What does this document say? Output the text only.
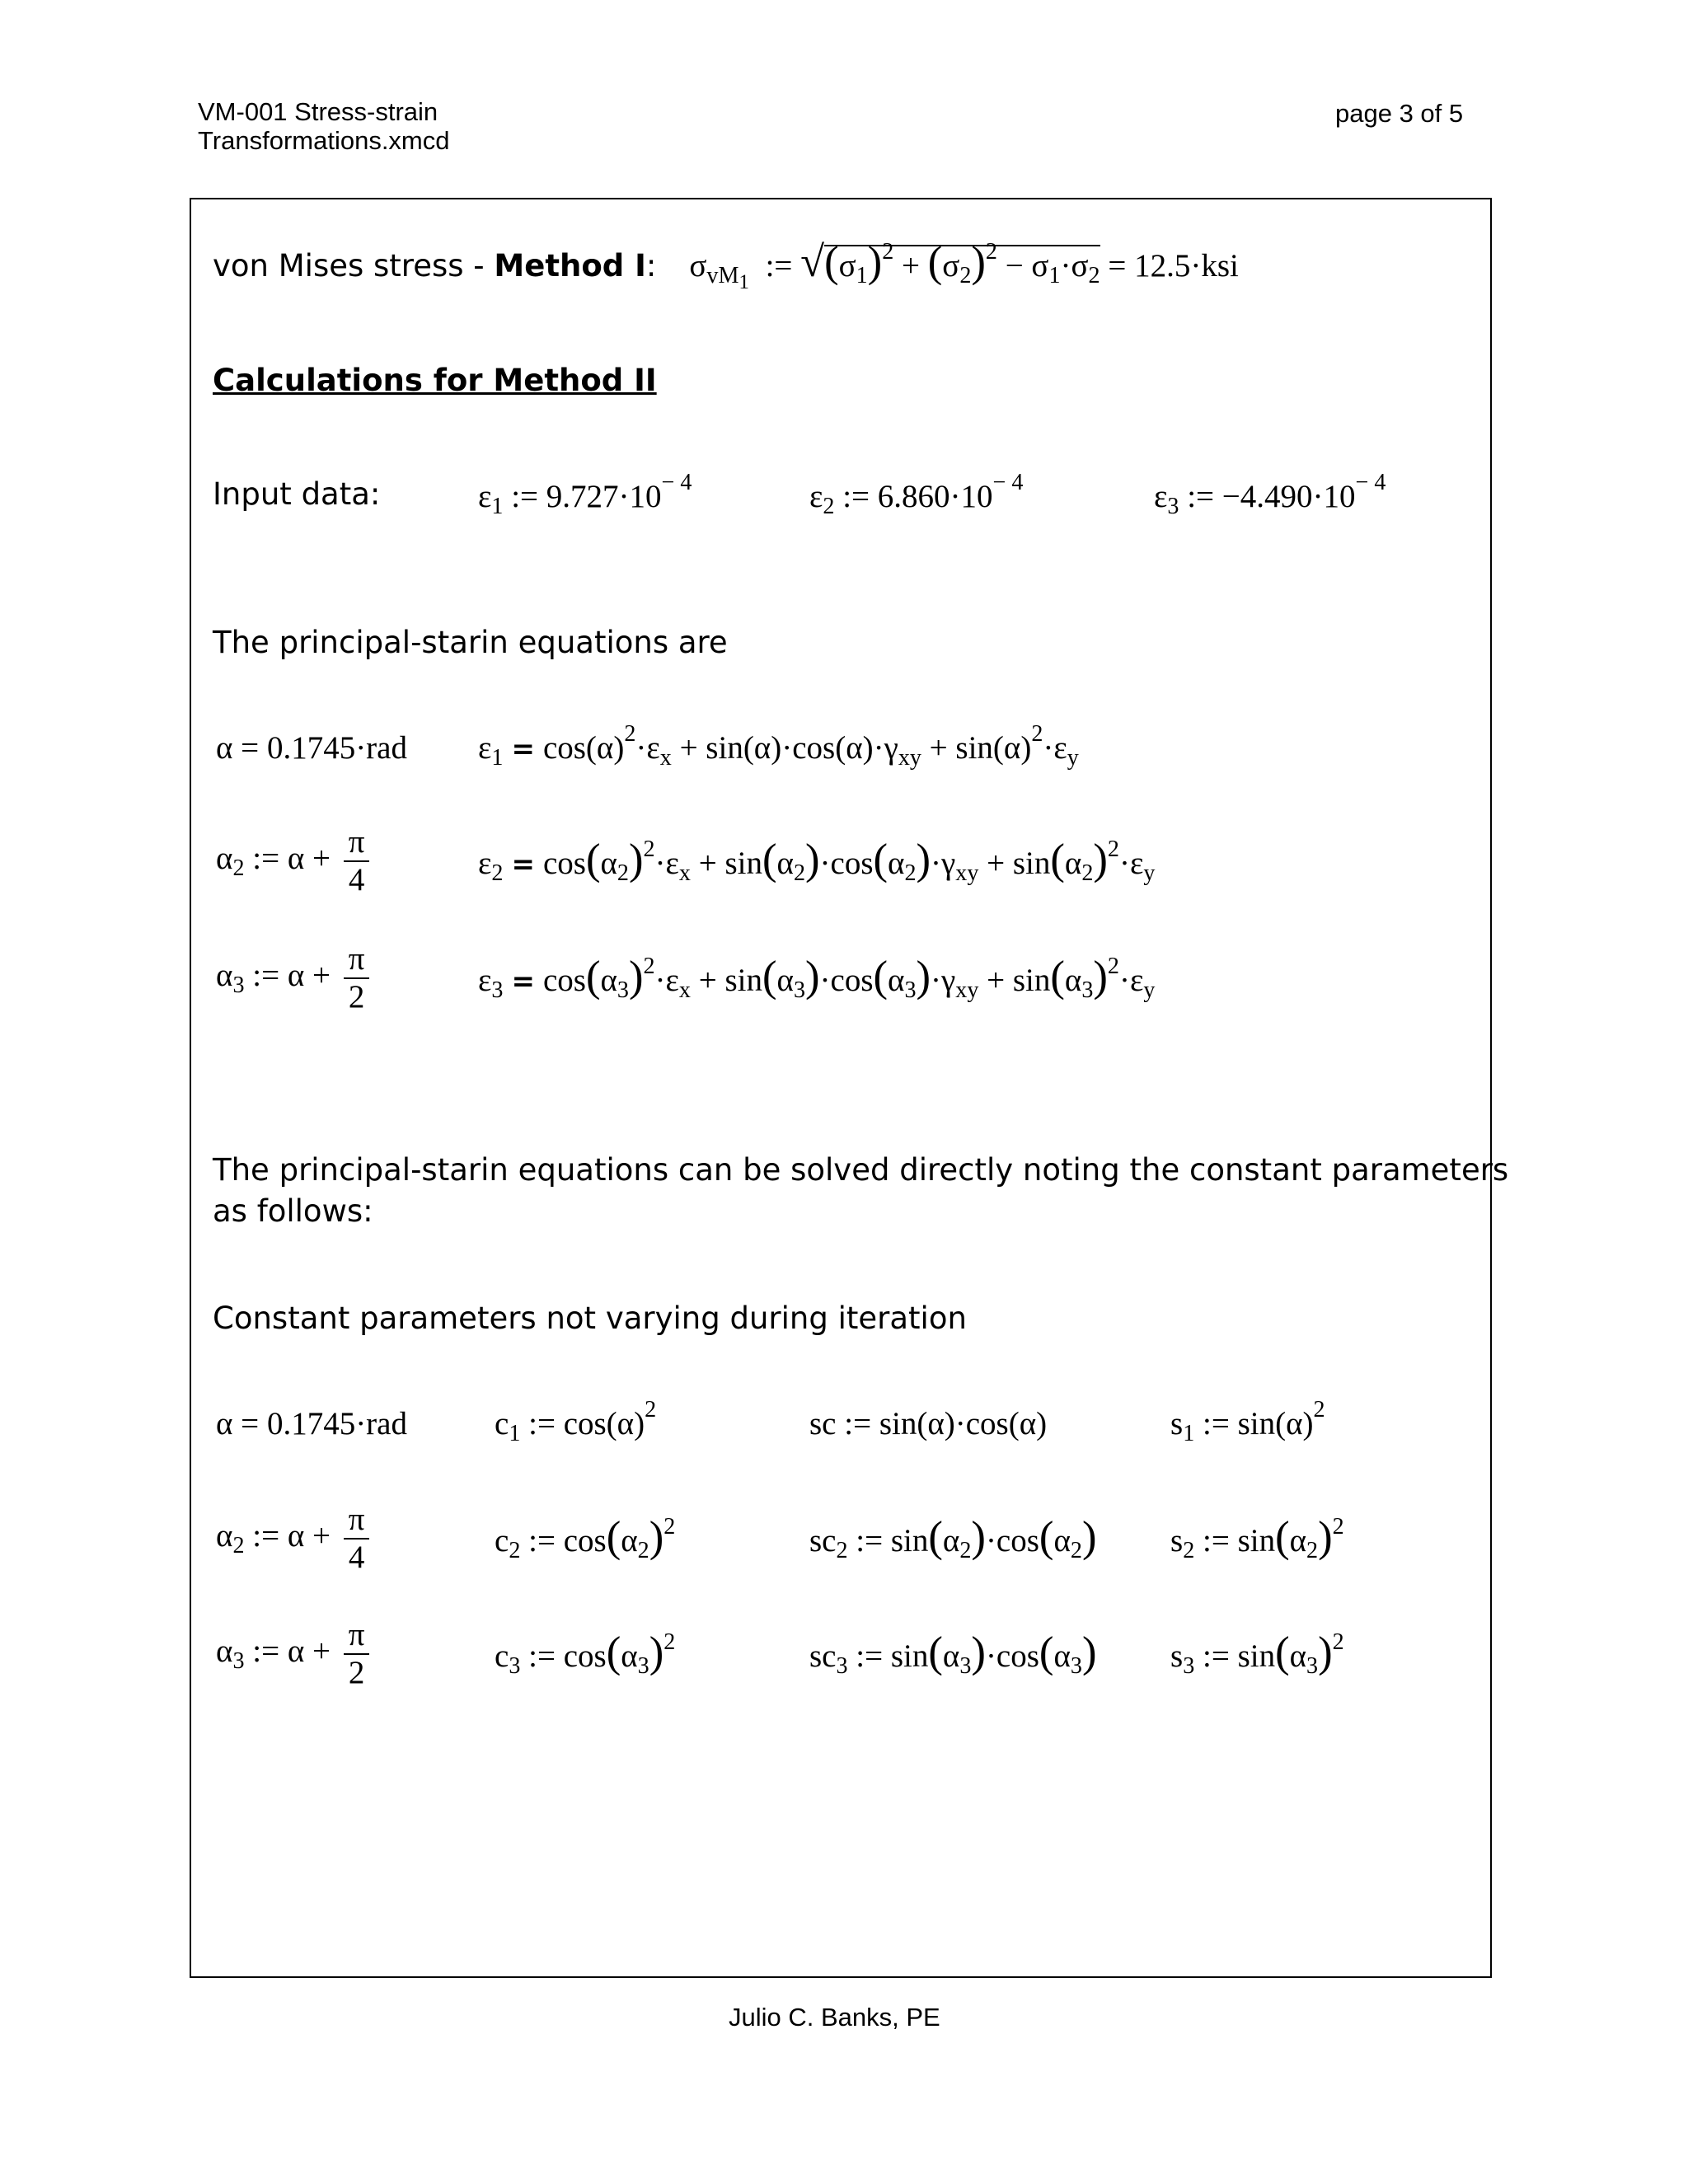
VM-001 Stress-strain
Transformations.xmcd
page 3 of 5
von Mises stress - Method I: $\sigma_{vM_1}$  := $√(\sigma_1)^2 + (\sigma_2)^2 - \sigma_1\cdot\sigma_2 = 12.5\cdot ksi$
Calculations for Method II
Input data:	$\varepsilon_1$ := $9.727\cdot 10^{- 4}$	$\varepsilon_2$ := $6.860\cdot 10^{- 4}$	$\varepsilon_3$ := $-4.490\cdot 10^{- 4}$
The principal-starin equations are
α = 0.1745·rad $\varepsilon_1 = \cos(\alpha)^2\cdot\varepsilon_x + \sin(\alpha)\cdot\cos(\alpha)\cdot\gamma_{xy} + \sin(\alpha)^2\cdot\varepsilon_y$
$\alpha_2$ := $\alpha + \frac{\pi}{4}$	$\varepsilon_2 = \cos(\alpha_2)^2\cdot\varepsilon_x + \sin(\alpha_2)\cdot\cos(\alpha_2)\cdot\gamma_{xy} + \sin(\alpha_2)^2\cdot\varepsilon_y$
$\alpha_3$ := $\alpha + \frac{\pi}{2}$	$\varepsilon_3 = \cos(\alpha_3)^2\cdot\varepsilon_x + \sin(\alpha_3)\cdot\cos(\alpha_3)\cdot\gamma_{xy} + \sin(\alpha_3)^2\cdot\varepsilon_y$
The principal-starin equations can be solved directly noting the constant parameters
as follows:
Constant parameters not varying during iteration
α = 0.1745·rad	$c_1$ := $\cos(\alpha)^2$	sc := sin(α)·cos(α)	$s_1$ := $\sin(\alpha)^2$
$\alpha_2$ := $\alpha + \frac{\pi}{4}$	$c_2$ := $\cos(\alpha_2)^2$	$sc_2$ := $\sin(\alpha_2)\cdot\cos(\alpha_2)$ $s_2$ := $\sin(\alpha_2)^2$
$\alpha_3$ := $\alpha + \frac{\pi}{2}$	$c_3$ := $\cos(\alpha_3)^2$	$sc_3$ := $\sin(\alpha_3)\cdot\cos(\alpha_3)$ $s_3$ := $\sin(\alpha_3)^2$
Julio C. Banks, PE
